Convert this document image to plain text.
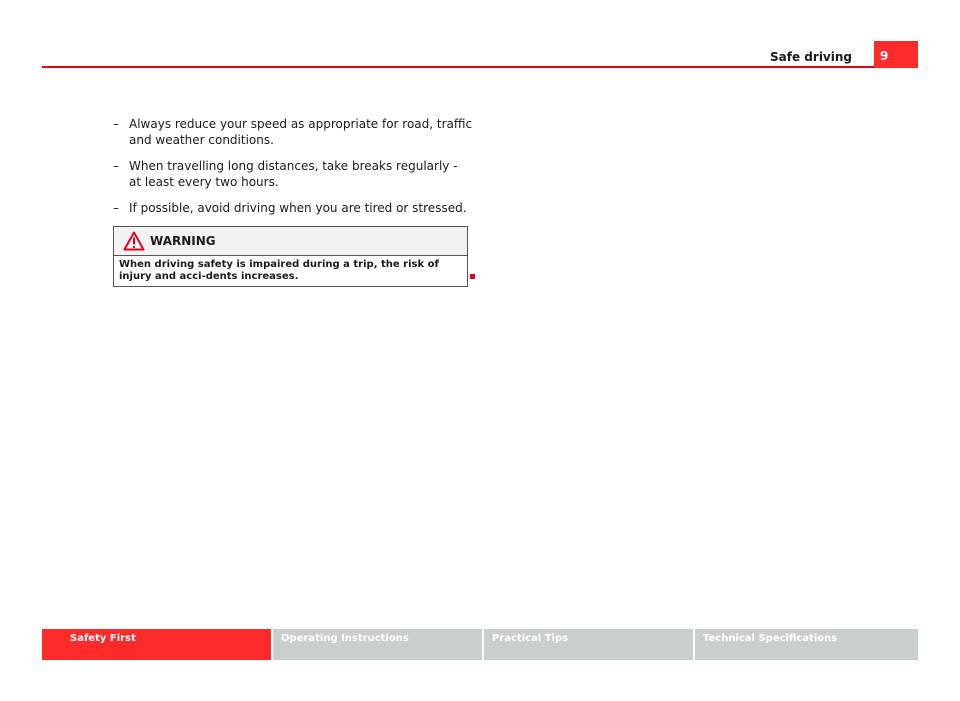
Safe driving	9
– Always reduce your speed as appropriate for road, traffic and weather conditions.
– When travelling long distances, take breaks regularly - at least every two hours.
– If possible, avoid driving when you are tired or stressed.
WARNING
When driving safety is impaired during a trip, the risk of injury and acci-dents increases.
Safety First	Operating Instructions	Practical Tips	Technical Specifications
